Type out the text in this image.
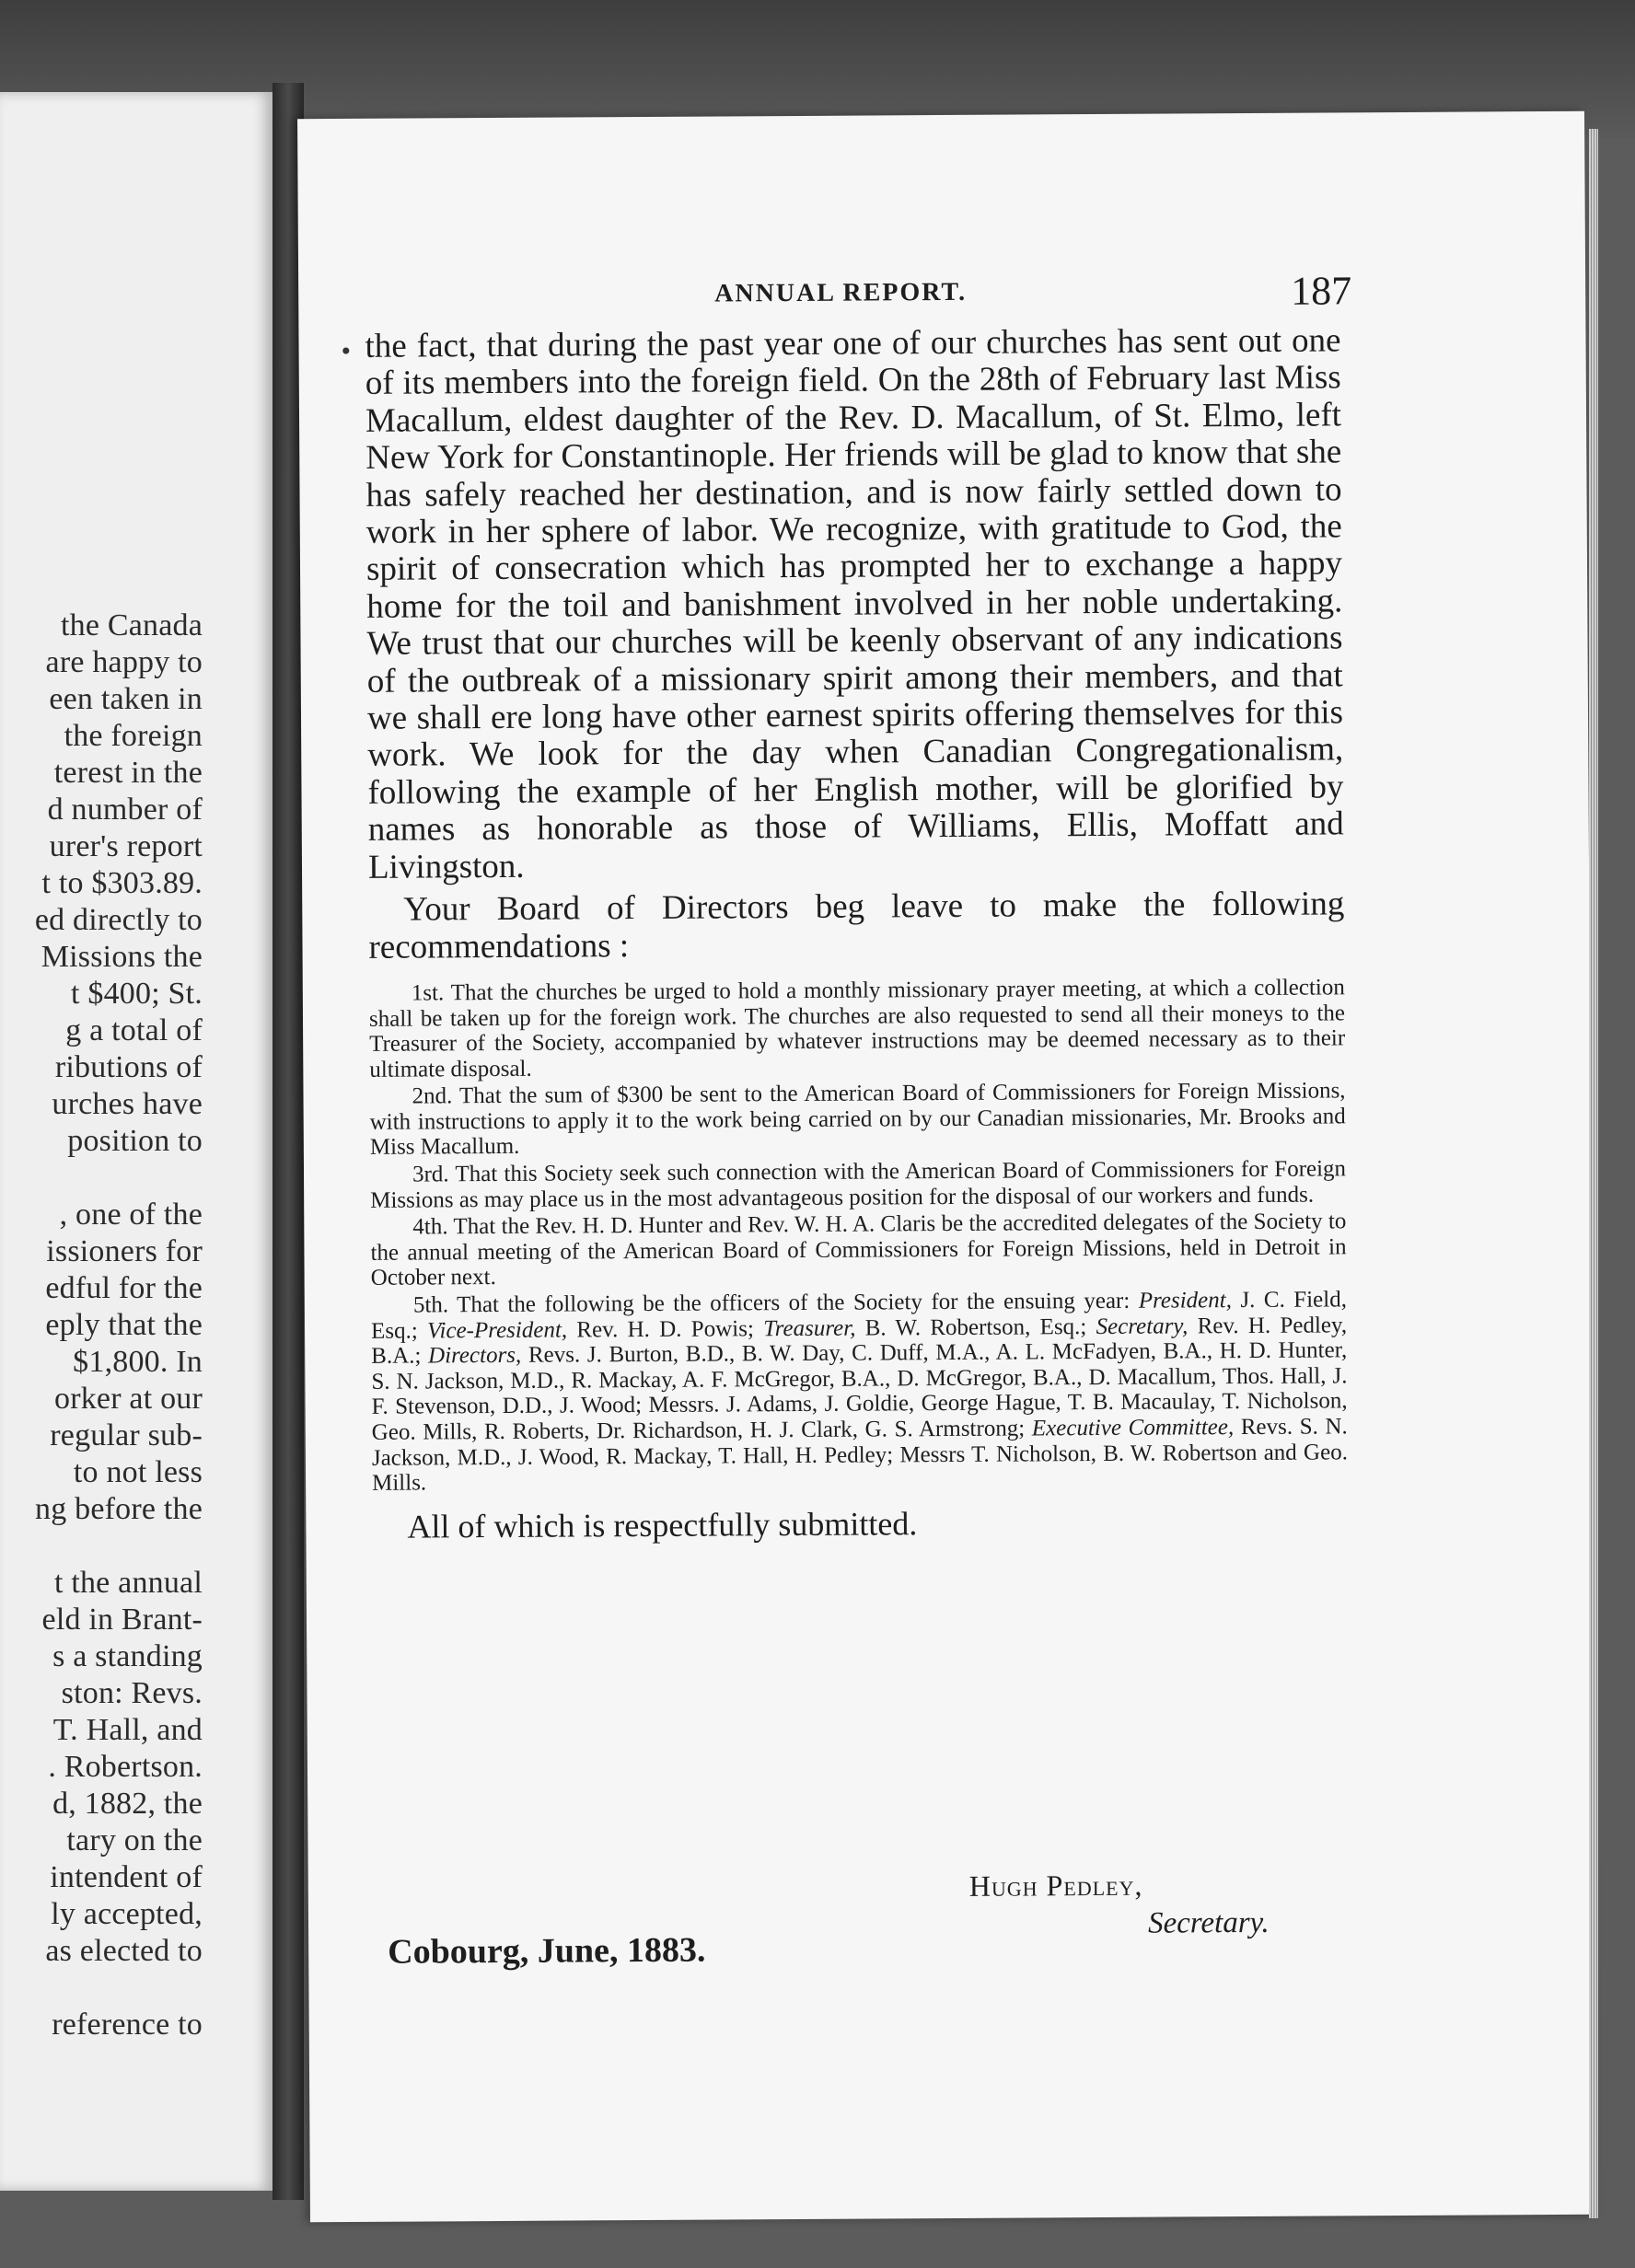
the Canada
are happy to
een taken in
the foreign
terest in the
d number of
urer's report
t to $303.89.
ed directly to
Missions the
t $400; St.
g a total of
ributions of
urches have
position to
, one of the
issioners for
edful for the
eply that the
$1,800. In
orker at our
regular sub-
to not less
ng before the
t the annual
eld in Brant-
s a standing
ston: Revs.
T. Hall, and
. Robertson.
d, 1882, the
tary on the
intendent of
ly accepted,
as elected to
reference to
ANNUAL REPORT.	187
• the fact, that during the past year one of our churches has sent out one of its members into the foreign field. On the 28th of February last Miss Macallum, eldest daughter of the Rev. D. Macallum, of St. Elmo, left New York for Constantinople. Her friends will be glad to know that she has safely reached her destination, and is now fairly settled down to work in her sphere of labor. We recognize, with gratitude to God, the spirit of consecration which has prompted her to exchange a happy home for the toil and banishment involved in her noble undertaking. We trust that our churches will be keenly observant of any indications of the outbreak of a missionary spirit among their members, and that we shall ere long have other earnest spirits offering themselves for this work. We look for the day when Canadian Congregationalism, following the example of her English mother, will be glorified by names as honorable as those of Williams, Ellis, Moffatt and Livingston.

Your Board of Directors beg leave to make the following recommendations :

1st. That the churches be urged to hold a monthly missionary prayer meeting, at which a collection shall be taken up for the foreign work. The churches are also requested to send all their moneys to the Treasurer of the Society, accompanied by whatever instructions may be deemed necessary as to their ultimate disposal.

2nd. That the sum of $300 be sent to the American Board of Commissioners for Foreign Missions, with instructions to apply it to the work being carried on by our Canadian missionaries, Mr. Brooks and Miss Macallum.

3rd. That this Society seek such connection with the American Board of Commissioners for Foreign Missions as may place us in the most advantageous position for the disposal of our workers and funds.

4th. That the Rev. H. D. Hunter and Rev. W. H. A. Claris be the accredited delegates of the Society to the annual meeting of the American Board of Commissioners for Foreign Missions, held in Detroit in October next.

5th. That the following be the officers of the Society for the ensuing year: President, J. C. Field, Esq.; Vice-President, Rev. H. D. Powis; Treasurer, B. W. Robertson, Esq.; Secretary, Rev. H. Pedley, B.A.; Directors, Revs. J. Burton, B.D., B. W. Day, C. Duff, M.A., A. L. McFadyen, B.A., H. D. Hunter, S. N. Jackson, M.D., R. Mackay, A. F. McGregor, B.A., D. McGregor, B.A., D. Macallum, Thos. Hall, J. F. Stevenson, D.D., J. Wood; Messrs. J. Adams, J. Goldie, George Hague, T. B. Macaulay, T. Nicholson, Geo. Mills, R. Roberts, Dr. Richardson, H. J. Clark, G. S. Armstrong; Executive Committee, Revs. S. N. Jackson, M.D., J. Wood, R. Mackay, T. Hall, H. Pedley; Messrs T. Nicholson, B. W. Robertson and Geo. Mills.

All of which is respectfully submitted.

Hugh Pedley,
Secretary.
Cobourg, June, 1883.
